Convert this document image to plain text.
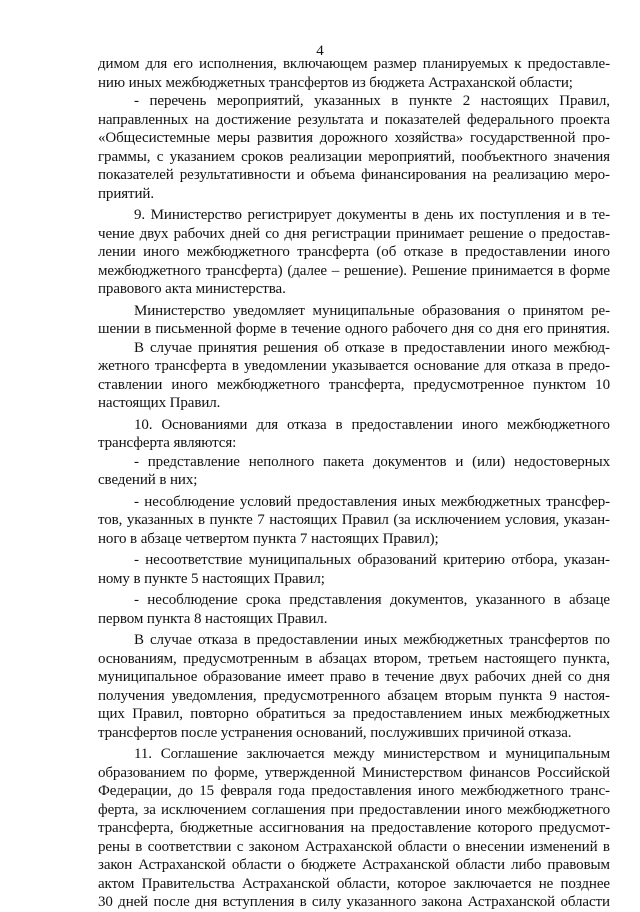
4
димом для его исполнения, включающем размер планируемых к предоставле-
нию иных межбюджетных трансфертов из бюджета Астраханской области;
- перечень мероприятий, указанных в пункте 2 настоящих Правил,
направленных на достижение результата и показателей федерального проекта
«Общесистемные меры развития дорожного хозяйства» государственной про-
граммы, с указанием сроков реализации мероприятий, пообъектного значения
показателей результативности и объема финансирования на реализацию меро-
приятий.
9. Министерство регистрирует документы в день их поступления и в те-
чение двух рабочих дней со дня регистрации принимает решение о предостав-
лении иного межбюджетного трансферта (об отказе в предоставлении иного
межбюджетного трансферта) (далее – решение). Решение принимается в форме
правового акта министерства.
Министерство уведомляет муниципальные образования о принятом ре-
шении в письменной форме в течение одного рабочего дня со дня его принятия.
В случае принятия решения об отказе в предоставлении иного межбюд-
жетного трансферта в уведомлении указывается основание для отказа в предо-
ставлении иного межбюджетного трансферта, предусмотренное пунктом 10
настоящих Правил.
10. Основаниями для отказа в предоставлении иного межбюджетного
трансферта являются:
- представление неполного пакета документов и (или) недостоверных
сведений в них;
- несоблюдение условий предоставления иных межбюджетных трансфер-
тов, указанных в пункте 7 настоящих Правил (за исключением условия, указан-
ного в абзаце четвертом пункта 7 настоящих Правил);
- несоответствие муниципальных образований критерию отбора, указан-
ному в пункте 5 настоящих Правил;
- несоблюдение срока представления документов, указанного в абзаце
первом пункта 8 настоящих Правил.
В случае отказа в предоставлении иных межбюджетных трансфертов по
основаниям, предусмотренным в абзацах втором, третьем настоящего пункта,
муниципальное образование имеет право в течение двух рабочих дней со дня
получения уведомления, предусмотренного абзацем вторым пункта 9 настоя-
щих Правил, повторно обратиться за предоставлением иных межбюджетных
трансфертов после устранения оснований, послуживших причиной отказа.
11. Соглашение заключается между министерством и муниципальным
образованием по форме, утвержденной Министерством финансов Российской
Федерации, до 15 февраля года предоставления иного межбюджетного транс-
ферта, за исключением соглашения при предоставлении иного межбюджетного
трансферта, бюджетные ассигнования на предоставление которого предусмот-
рены в соответствии с законом Астраханской области о внесении изменений в
закон Астраханской области о бюджете Астраханской области либо правовым
актом Правительства Астраханской области, которое заключается не позднее
30 дней после дня вступления в силу указанного закона Астраханской области
